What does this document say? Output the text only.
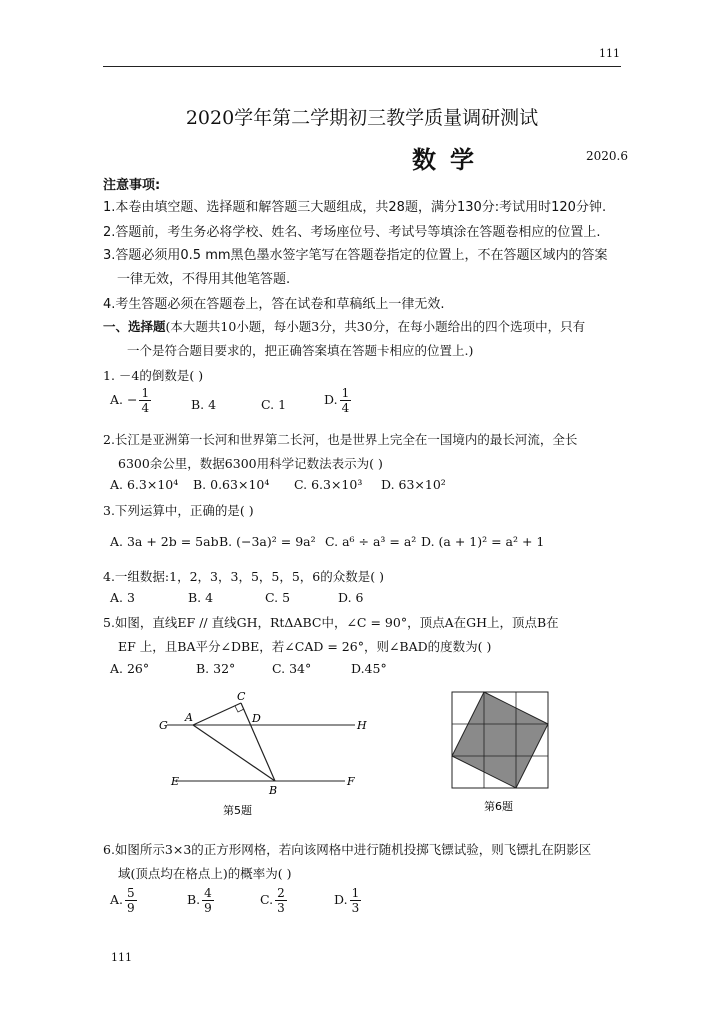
111
2020学年第二学期初三教学质量调研测试
数学	2020.6
注意事项:
1.本卷由填空题、选择题和解答题三大题组成，共28题，满分130分:考试用时120分钟.
2.答题前，考生务必将学校、姓名、考场座位号、考试号等填涂在答题卷相应的位置上.
3.答题必须用0.5 mm黑色墨水签字笔写在答题卷指定的位置上，不在答题区域内的答案
一律无效，不得用其他笔答题.
4.考生答题必须在答题卷上，答在试卷和草稿纸上一律无效.
一、选择题(本大题共10小题，每小题3分，共30分，在每小题给出的四个选项中，只有
一个是符合题目要求的，把正确答案填在答题卡相应的位置上.)
1. －4的倒数是( )
A. − $\frac{1}{4}$	B. 4	C. 1	D. $\frac{1}{4}$
2.长江是亚洲第一长河和世界第二长河，也是世界上完全在一国境内的最长河流，全长
6300余公里，数据6300用科学记数法表示为( )
A. 6.3×10⁴ B. 0.63×10⁴ C. 6.3×10³ D. 63×10²
3.下列运算中，正确的是( )
A. 3a + 2b = 5ab B. (−3a)² = 9a² C. a⁶ ÷ a³ = a² D. (a + 1)² = a² + 1
4.一组数据:1，2，3，3，5，5，5，6的众数是( )
A. 3	B. 4	C. 5	D. 6
5.如图，直线EF // 直线GH，RtΔABC中，∠C = 90°，顶点A在GH上，顶点B在
EF 上，且BA平分∠DBE，若∠CAD = 26°，则∠BAD的度数为( )
A. 26°	B. 32°	C. 34°	D.45°
G
A
C
D
H
E
B
F
第5题	第6题
6.如图所示3×3的正方形网格，若向该网格中进行随机投掷飞镖试验，则飞镖扎在阴影区
域(顶点均在格点上)的概率为( )
A. $\frac{5}{9}$	B. $\frac{4}{9}$	C. $\frac{2}{3}$	D. $\frac{1}{3}$
111
